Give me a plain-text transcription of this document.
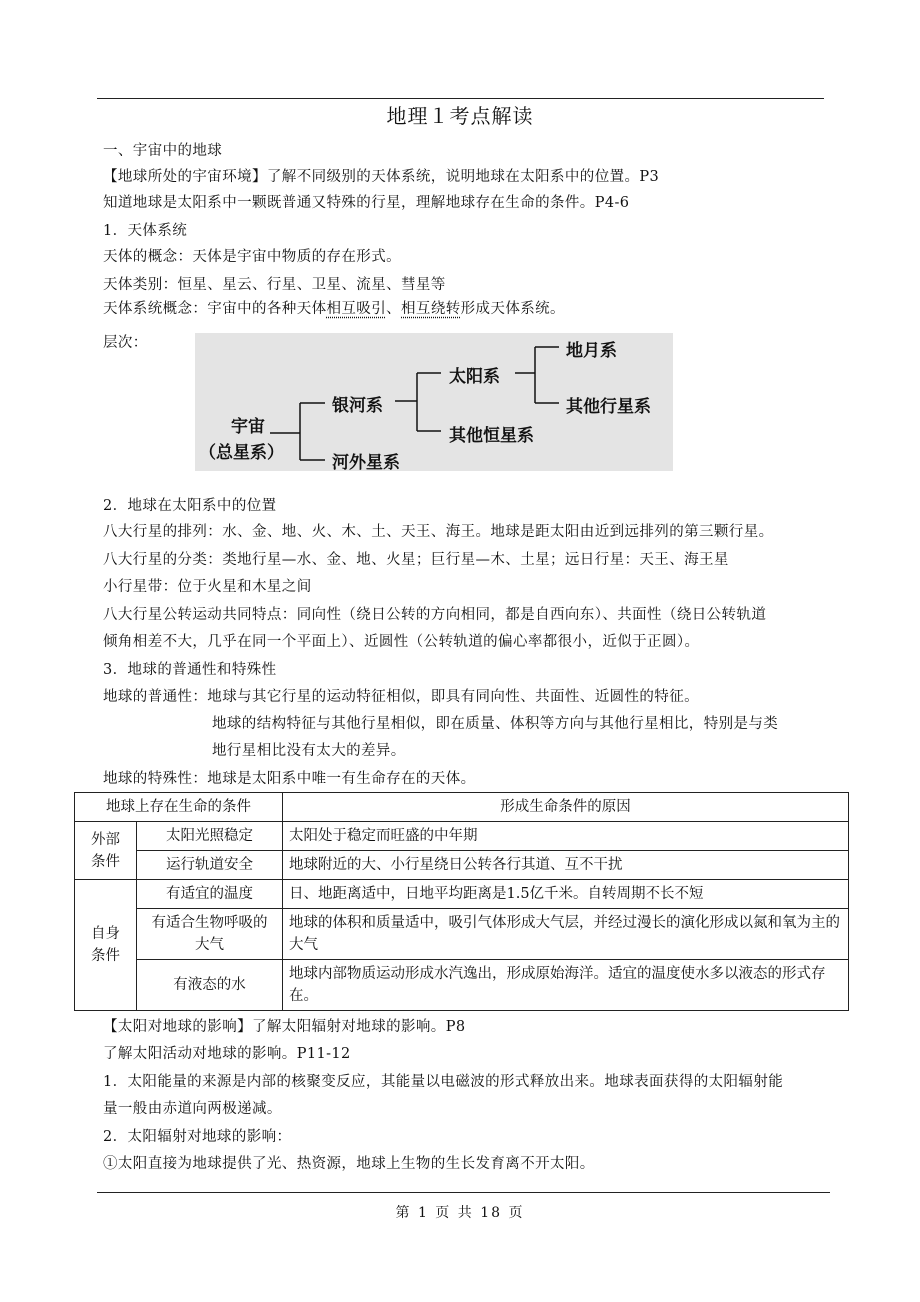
地理１考点解读
一、宇宙中的地球
【地球所处的宇宙环境】了解不同级别的天体系统，说明地球在太阳系中的位置。P3
知道地球是太阳系中一颗既普通又特殊的行星，理解地球存在生命的条件。P4-6
1．天体系统
天体的概念：天体是宇宙中物质的存在形式。
天体类别：恒星、星云、行星、卫星、流星、彗星等
天体系统概念：宇宙中的各种天体相互吸引、相互绕转形成天体系统。
层次：
宇宙
（总星系）
银河系
河外星系
太阳系
其他恒星系
地月系
其他行星系
2．地球在太阳系中的位置
八大行星的排列：水、金、地、火、木、土、天王、海王。地球是距太阳由近到远排列的第三颗行星。
八大行星的分类：类地行星—水、金、地、火星；巨行星—木、土星；远日行星：天王、海王星
小行星带：位于火星和木星之间
八大行星公转运动共同特点：同向性（绕日公转的方向相同，都是自西向东）、共面性（绕日公转轨道
倾角相差不大，几乎在同一个平面上）、近圆性（公转轨道的偏心率都很小，近似于正圆）。
3．地球的普通性和特殊性
地球的普通性：地球与其它行星的运动特征相似，即具有同向性、共面性、近圆性的特征。
地球的结构特征与其他行星相似，即在质量、体积等方向与其他行星相比，特别是与类
地行星相比没有太大的差异。
地球的特殊性：地球是太阳系中唯一有生命存在的天体。
地球上存在生命的条件		形成生命条件的原因
外部条件	太阳光照稳定	太阳处于稳定而旺盛的中年期
	运行轨道安全	地球附近的大、小行星绕日公转各行其道、互不干扰
自身条件	有适宜的温度	日、地距离适中，日地平均距离是1.5亿千米。自转周期不长不短
	有适合生物呼吸的大气	地球的体积和质量适中，吸引气体形成大气层，并经过漫长的演化形成以氮和氧为主的大气
	有液态的水	地球内部物质运动形成水汽逸出，形成原始海洋。适宜的温度使水多以液态的形式存在。
【太阳对地球的影响】了解太阳辐射对地球的影响。P8
了解太阳活动对地球的影响。P11-12
1．太阳能量的来源是内部的核聚变反应，其能量以电磁波的形式释放出来。地球表面获得的太阳辐射能
量一般由赤道向两极递减。
2．太阳辐射对地球的影响：
①太阳直接为地球提供了光、热资源，地球上生物的生长发育离不开太阳。
第 1 页 共 18 页
